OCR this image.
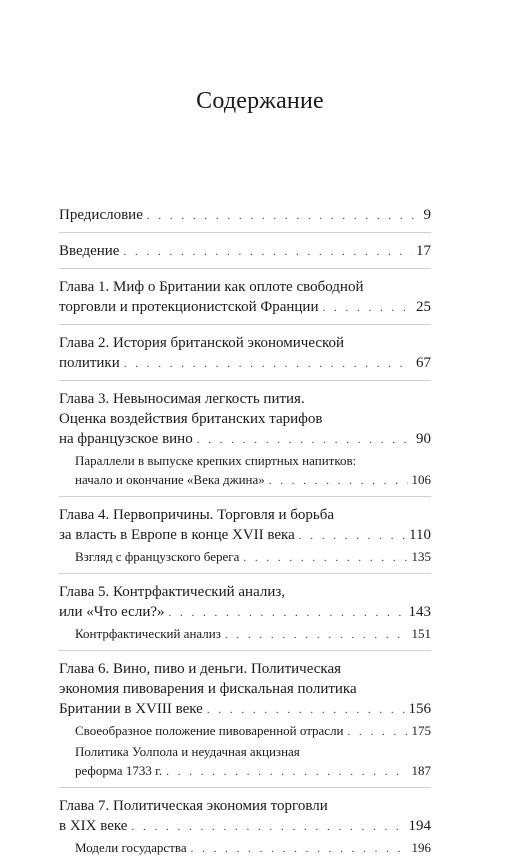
Содержание
Предисловие . . .	9
Введение . . .	17
Глава 1. Миф о Британии как оплоте свободной
торговли и протекционистской Франции . . .	25
Глава 2. История британской экономической
политики . . .	67
Глава 3. Невыносимая легкость пития.
Оценка воздействия британских тарифов
на французское вино . . .	90
Параллели в выпуске крепких спиртных напитков:
начало и окончание «Века джина» . . .	106
Глава 4. Первопричины. Торговля и борьба
за власть в Европе в конце XVII века . . .	110
Взгляд с французского берега . . .	135
Глава 5. Контрфактический анализ,
или «Что если?» . . .	143
Контрфактический анализ . . .	151
Глава 6. Вино, пиво и деньги. Политическая
экономия пивоварения и фискальная политика
Британии в XVIII веке . . .	156
Своеобразное положение пивоваренной отрасли . . .	175
Политика Уолпола и неудачная акцизная
реформа 1733 г. . . .	187
Глава 7. Политическая экономия торговли
в XIX веке . . .	194
Модели государства . . .	196
